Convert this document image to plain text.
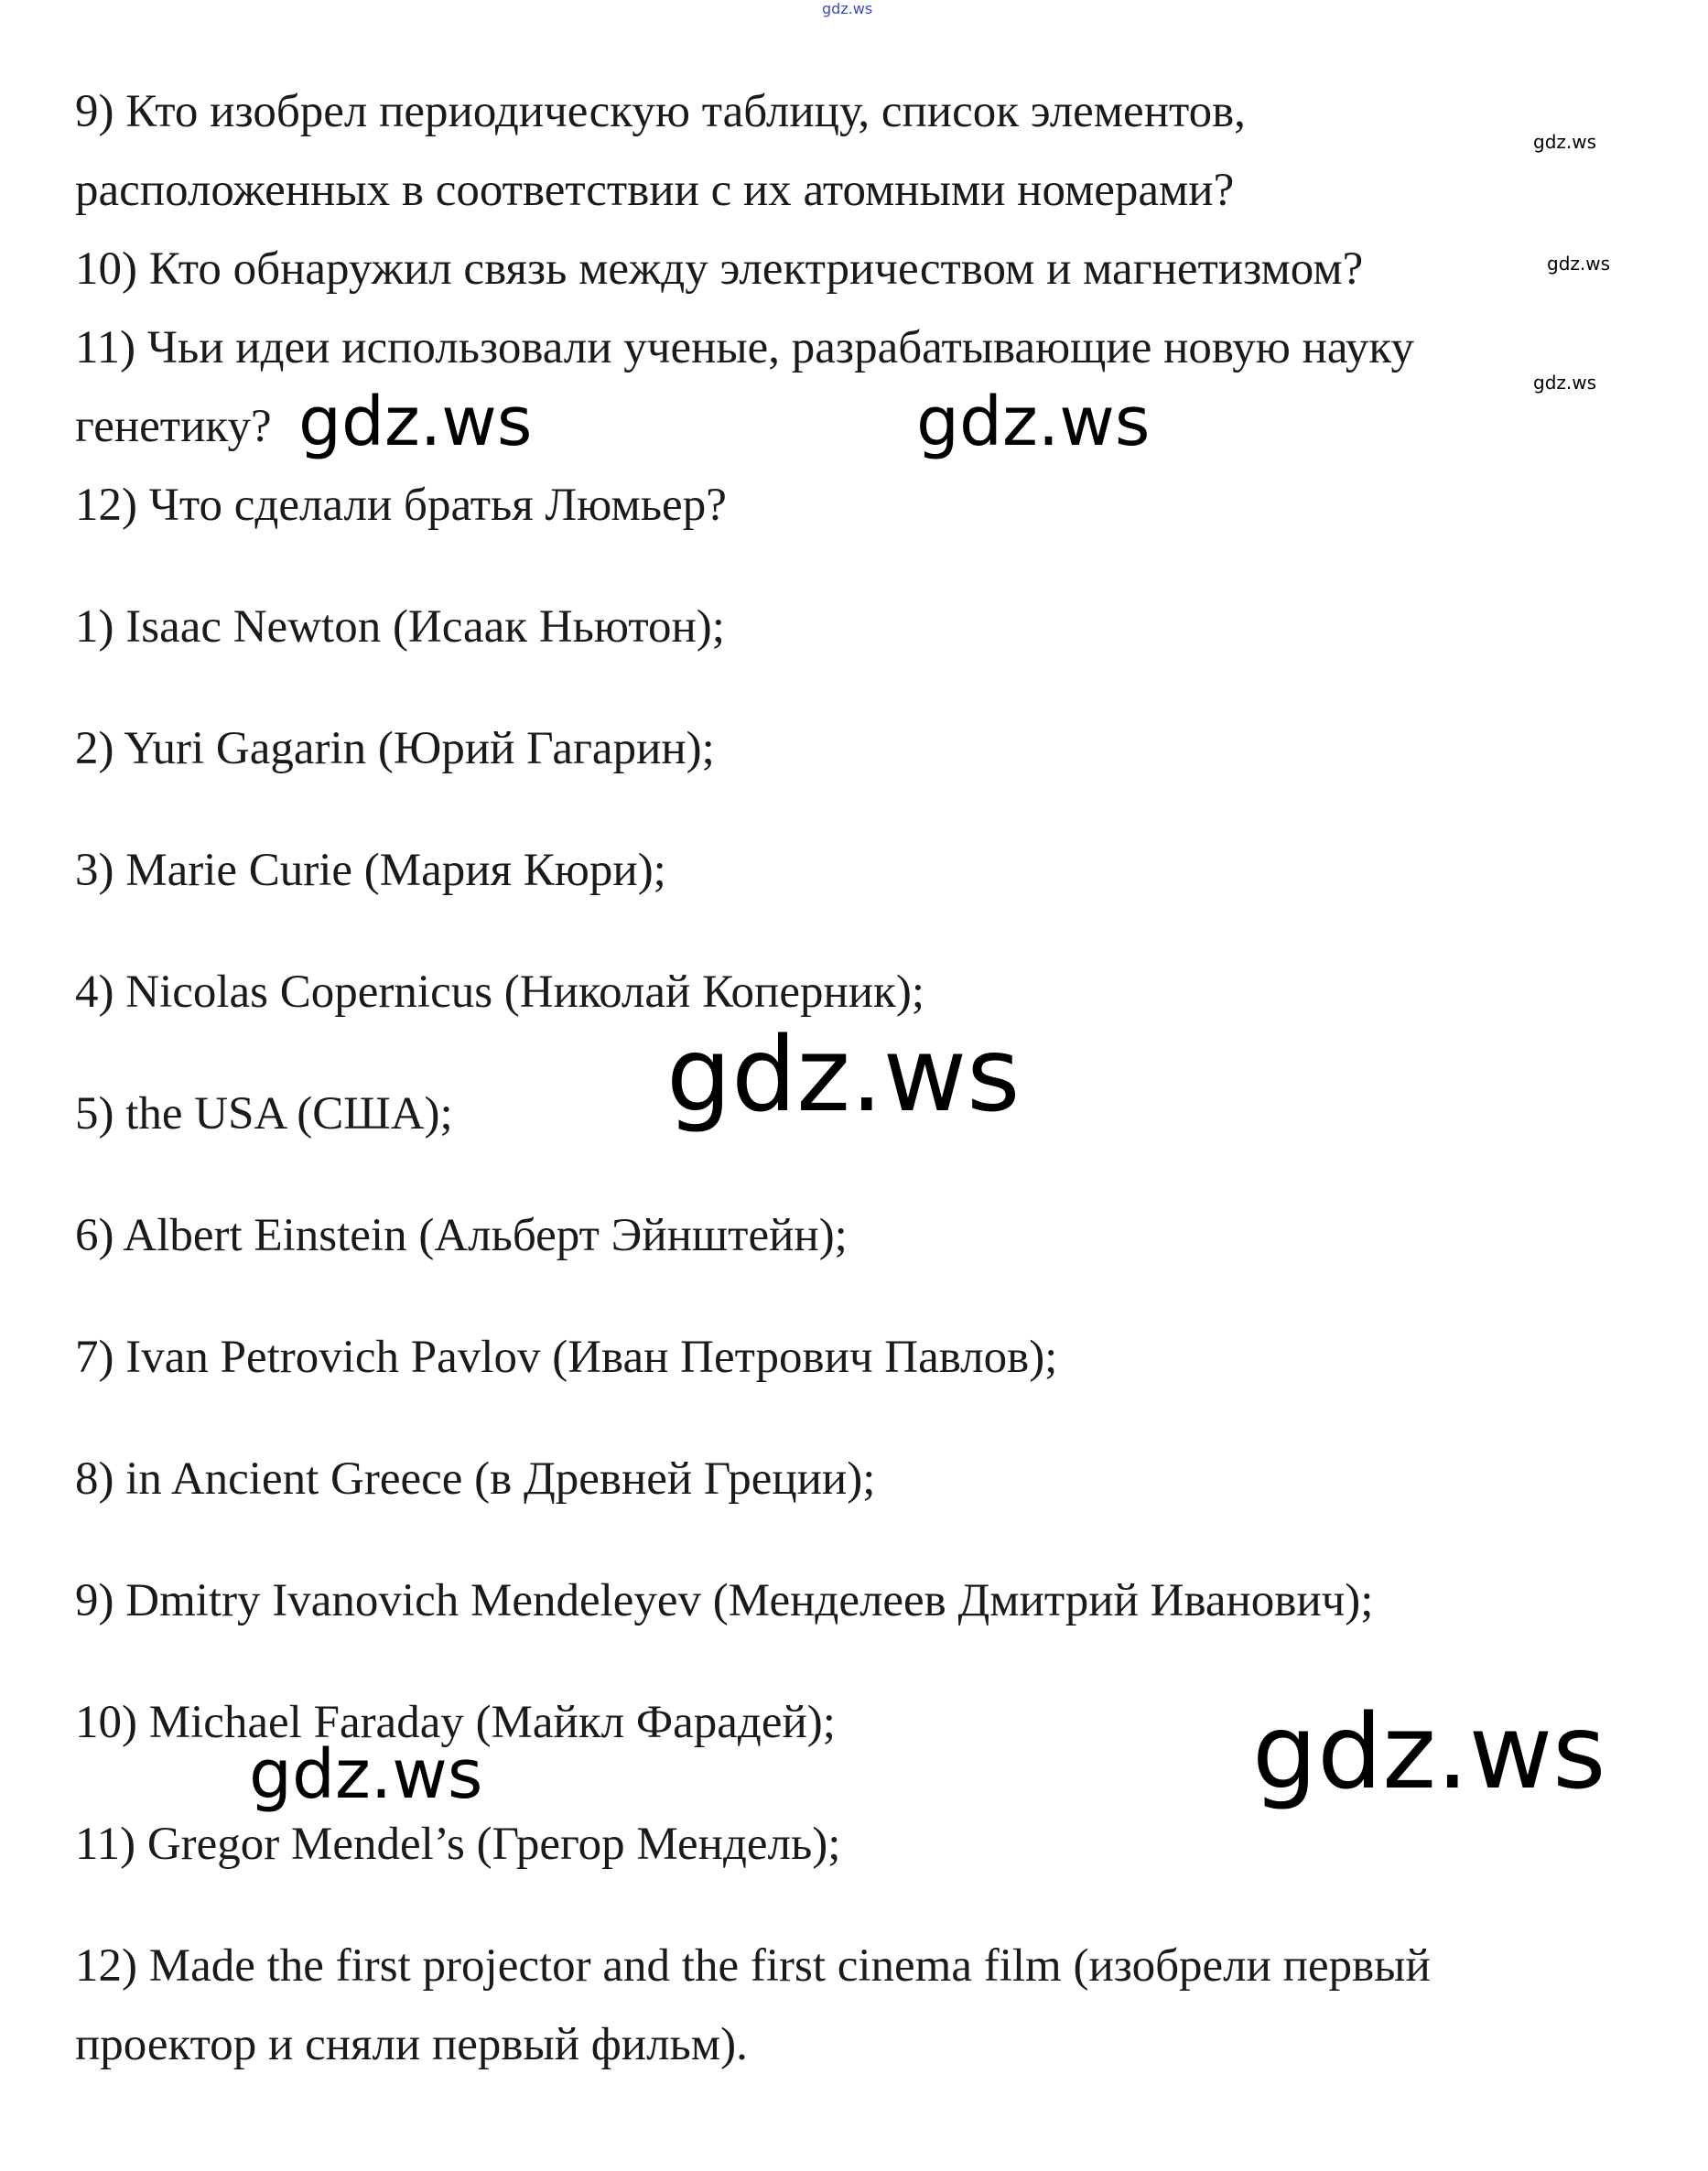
gdz.ws
9) Кто изобрел периодическую таблицу, список элементов,
gdz.ws
расположенных в соответствии с их атомными номерами?
10) Кто обнаружил связь между электричеством и магнетизмом?	gdz.ws
11) Чьи идеи использовали ученые, разрабатывающие новую науку
gdz.ws
генетику? gdz.ws	gdz.ws
12) Что сделали братья Люмьер?
1) Isaac Newton (Исаак Ньютон);
2) Yuri Gagarin (Юрий Гагарин);
3) Marie Curie (Мария Кюри);
4) Nicolas Copernicus (Николай Коперник);
gdz.ws
5) the USA (США);
6) Albert Einstein (Альберт Эйнштейн);
7) Ivan Petrovich Pavlov (Иван Петрович Павлов);
8) in Ancient Greece (в Древней Греции);
9) Dmitry Ivanovich Mendeleyev (Менделеев Дмитрий Иванович);
10) Michael Faraday (Майкл Фарадей);
gdz.ws	gdz.ws
11) Gregor Mendel’s (Грегор Мендель);
12) Made the first projector and the first cinema film (изобрели первый
проектор и сняли первый фильм).
